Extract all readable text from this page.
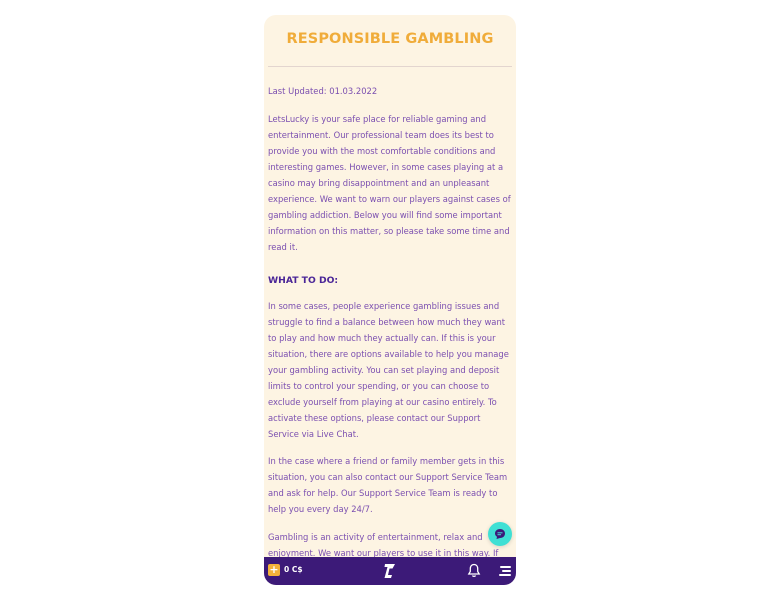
RESPONSIBLE GAMBLING

Last Updated: 01.03.2022

LetsLucky is your safe place for reliable gaming and entertainment. Our professional team does its best to provide you with the most comfortable conditions and interesting games. However, in some cases playing at a casino may bring disappointment and an unpleasant experience. We want to warn our players against cases of gambling addiction. Below you will find some important information on this matter, so please take some time and read it.

WHAT TO DO:

In some cases, people experience gambling issues and struggle to find a balance between how much they want to play and how much they actually can. If this is your situation, there are options available to help you manage your gambling activity. You can set playing and deposit limits to control your spending, or you can choose to exclude yourself from playing at our casino entirely. To activate these options, please contact our Support Service via Live Chat.

In the case where a friend or family member gets in this situation, you can also contact our Support Service Team and ask for help. Our Support Service Team is ready to help you every day 24/7.

Gambling is an activity of entertainment, relax and enjoyment. We want our players to use it in this way. If

+ 0 C$
